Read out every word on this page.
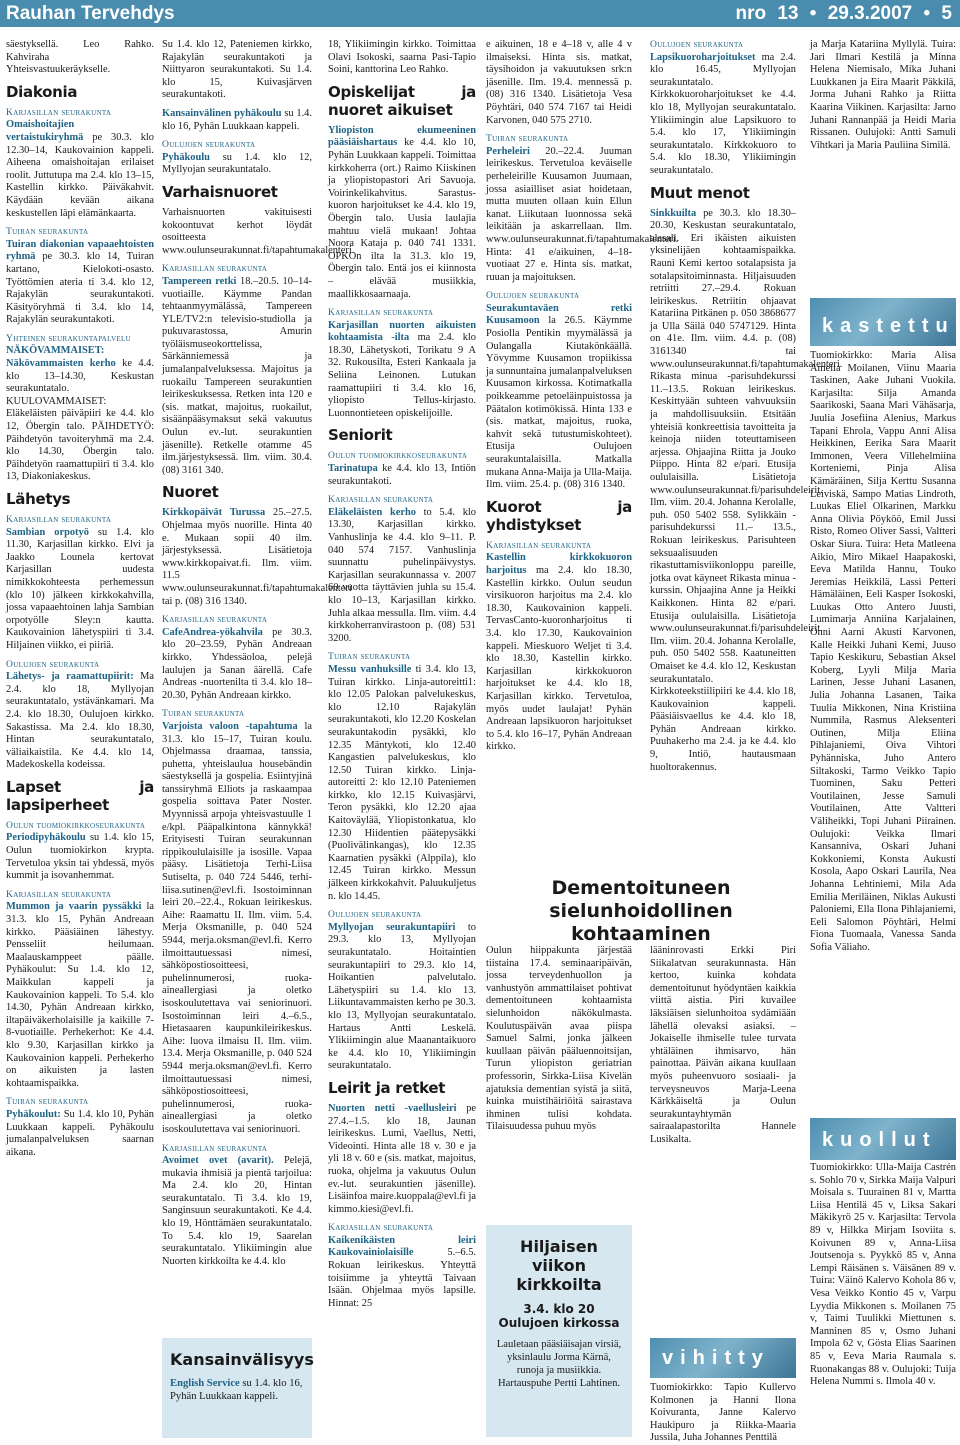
Rauhan Tervehdys	nro 13 • 29.3.2007 • 5
säestyksellä. Leo Rahko. Kahviraha Yhteisvastuukeräykselle.
Diakonia
Karjasillan seurakunta
Omaishoitajien vertaistukiryhmä pe 30.3. klo 12.30–14, Kaukovainion kappeli. Aiheena omaishoitajan erilaiset roolit. Juttutupa ma 2.4. klo 13–15, Kastellin kirkko. Päiväkahvit. Käydään kevään aikana keskustellen läpi elämänkaarta.
Tuiran seurakunta
Tuiran diakonian vapaaehtoisten ryhmä pe 30.3. klo 14, Tuiran kartano, Kielokoti-osasto. Työttömien ateria ti 3.4. klo 12, Rajakylän seurakuntakoti. Käsityöryhmä ti 3.4. klo 14, Rajakylän seurakuntakoti.
Yhteinen seurakuntapalvelu
NÄKÖVAMMAISET: Näkövammaisten kerho ke 4.4. klo 13–14.30, Keskustan seurakuntatalo. KUULOVAMMAISET: Eläkeläisten päiväpiiri ke 4.4. klo 12, Öbergin talo. PÄIHDETYÖ: Päihdetyön tavoiteryhmä ma 2.4. klo 14.30, Öbergin talo. Päihdetyön raamattupiiri ti 3.4. klo 13, Diakoniakeskus.
Lähetys
Karjasillan seurakunta
Sambian orpotyö su 1.4. klo 11.30, Karjasillan kirkko. Elvi ja Jaakko Lounela kertovat Karjasillan uudesta nimikkokohteesta perhemessun (klo 10) jälkeen kirkkokahvilla, jossa vapaaehtoinen lahja Sambian orpotyölle Sley:n kautta. Kaukovainion lähetyspiiri ti 3.4. Hiljainen viikko, ei piiriä.
Oulujoen seurakunta
Lähetys- ja raamattupiirit: Ma 2.4. klo 18, Myllyojan seurakuntatalo, ystävänkamari. Ma 2.4. klo 18.30, Oulujoen kirkko. Sakastissa. Ma 2.4. klo 18.30, Hintan seurakuntatalo, väliaikaistila. Ke 4.4. klo 14, Madekoskella kodeissa.
Lapset ja lapsiperheet
Oulun tuomiokirkkoseurakunta
Periodipyhäkoulu su 1.4. klo 15, Oulun tuomiokirkon krypta. Tervetuloa yksin tai yhdessä, myös kummit ja isovanhemmat.
Karjasillan seurakunta
Mummon ja vaarin pyssäkki la 31.3. klo 15, Pyhän Andreaan kirkko. Pääsiäinen lähestyy. Pensseliit heilumaan. Maalauskamppeet päälle. Pyhäkoulut: Su 1.4. klo 12, Maikkulan kappeli ja Kaukovainion kappeli. To 5.4. klo 14.30, Pyhän Andreaan kirkko, iltapäiväkerholaisille ja kaikille 7-8-vuotiaille. Perhekerhot: Ke 4.4. klo 9.30, Karjasillan kirkko ja Kaukovainion kappeli. Perhekerho on aikuisten ja lasten kohtaamispaikka.
Tuiran seurakunta
Pyhäkoulut: Su 1.4. klo 10, Pyhän Luukkaan kappeli. Pyhäkoulu jumalanpalveluksen saarnan aikana.
Su 1.4. klo 12, Pateniemen kirkko, Rajakylän seurakuntakoti ja Niittyaron seurakuntakoti. Su 1.4. klo 15, Kuivasjärven seurakuntakoti.
Kansainvälinen pyhäkoulu su 1.4. klo 16, Pyhän Luukkaan kappeli.
Oulujoen seurakunta
Pyhäkoulu su 1.4. klo 12, Myllyojan seurakuntatalo.
Varhaisnuoret
Varhaisnuorten vakituisesti kokoontuvat kerhot löydät osoitteesta www.oulunseurakunnat.fi/tapahtumakalenteri.
Karjasillan seurakunta
Tampereen retki 18.–20.5. 10–14-vuotiaille. Käymme Pandan tehtaanmyymälässä, Tampereen YLE/TV2:n televisio-studiolla ja pukuvarastossa, Amurin työläismuseokorttelissa, Särkänniemessä ja jumalanpalveluksessa. Majoitus ja ruokailu Tampereen seurakuntien leirikeskuksessa. Retken inta 120 e (sis. matkat, majoitus, ruokailut, sisäänpääsymaksut sekä vakuutus Oulun ev.-lut. seurakuntien jäsenille). Retkelle otamme 45 ilm.järjestyksessä. Ilm. viim. 30.4. (08) 3161 340.
Nuoret
Kirkkopäivät Turussa 25.–27.5. Ohjelmaa myös nuorille. Hinta 40 e. Mukaan sopii 40 ilm. järjestyksessä. Lisätietoja www.kirkkopaivat.fi. Ilm. viim. 11.5 www.oulunseurakunnat.fi/tapahtumakalenteri tai p. (08) 316 1340.
Karjasillan seurakunta
CafeAndrea-yökahvila pe 30.3. klo 20–23.59, Pyhän Andreaan kirkko. Yhdessäoloa, pelejä laulujen ja Sanan äärellä. Cafe Andreas -nuortenilta ti 3.4. klo 18–20.30, Pyhän Andreaan kirkko.
Tuiran seurakunta
Varjoista valoon -tapahtuma la 31.3. klo 15–17, Tuiran koulu. Ohjelmassa draamaa, tanssia, puhetta, yhteislaulua housebändin säestyksellä ja gospelia. Esiintyjinä tanssiryhmä Elliots ja raskaampaa gospelia soittava Pater Noster. Myynnissä arpoja yhteisvastuulle 1 e/kpl. Pääpalkintona kännykkä! Erityisesti Tuiran seurakunnan rippikoululaisille ja isosille. Vapaa pääsy. Lisätietoja Terhi-Liisa Sutiselta, p. 040 724 5446, terhi-liisa.sutinen@evl.fi. Isostoiminnan leiri 20.–22.4., Rokuan leirikeskus. Aihe: Raamattu II. Ilm. viim. 5.4. Merja Oksmanille, p. 040 524 5944, merja.oksman@evl.fi. Kerro ilmoittautuessasi nimesi, sähköpostiosoitteesi, puhelinnumerosi, ruoka-aineallergiasi ja oletko isoskoulutettava vai seniorinuori. Isostoiminnan leiri 4.–6.5., Hietasaaren kaupunkileirikeskus. Aihe: luova ilmaisu II. Ilm. viim. 13.4. Merja Oksmanille, p. 040 524 5944 merja.oksman@evl.fi. Kerro ilmoittautuessasi nimesi, sähköpostiosoitteesi, puhelinnumerosi, ruoka-aineallergiasi ja oletko isoskoulutettava vai seniorinuori.
Karjasillan seurakunta
Avoimet ovet (avarit). Pelejä, mukavia ihmisiä ja pientä tarjoilua: Ma 2.4. klo 20, Hintan seurakuntatalo. Ti 3.4. klo 19, Sanginsuun seurakuntakoti. Ke 4.4. klo 19, Hönttämäen seurakuntatalo. To 5.4. klo 19, Saarelan seurakuntatalo. Ylikiimingin alue Nuorten kirkkoilta ke 4.4. klo
18, Ylikiimingin kirkko. Toimittaa Olavi Isokoski, saarna Pasi-Tapio Soini, kanttorina Leo Rahko.
Opiskelijat ja nuoret aikuiset
Yliopiston ekumeeninen pääsiäishartaus ke 4.4. klo 10, Pyhän Luukkaan kappeli. Toimittaa kirkkoherra (ort.) Raimo Kiiskinen ja yliopistopastori Ari Savuoja. Voirinkelikahvitus. Sarastus-kuoron harjoitukset ke 4.4. klo 19, Öbergin talo. Uusia laulajia mahtuu vielä mukaan! Johtaa Noora Kataja p. 040 741 1331. OPKOn ilta la 31.3. klo 19, Öbergin talo. Entä jos ei kiinnosta – elävää musiikkia, maallikkosaarnaaja.
Karjasillan seurakunta
Karjasillan nuorten aikuisten kohtaamista -ilta ma 2.4. klo 18.30, Lähetyskoti, Torikatu 9 A 32. Rukousilta, Esteri Kankaala ja Seliina Leinonen. Lutukan raamattupiiri ti 3.4. klo 16, yliopisto Tellus-kirjasto. Luonnontieteen opiskelijoille.
Seniorit
Oulun tuomiokirkkoseurakunta
Tarinatupa ke 4.4. klo 13, Intiön seurakuntakoti.
Karjasillan seurakunta
Eläkeläisten kerho to 5.4. klo 13.30, Karjasillan kirkko. Vanhuslinja ke 4.4. klo 9–11. P. 040 574 7157. Vanhuslinja suunnattu puhelinpäivystys. Karjasillan seurakunnassa v. 2007 60 vuotta täyttävien juhla su 15.4. klo 10–13, Karjasillan kirkko. Juhla alkaa messulla. Ilm. viim. 4.4 kirkkoherranvirastoon p. (08) 531 3200.
Tuiran seurakunta
Messu vanhuksille ti 3.4. klo 13, Tuiran kirkko. Linja-autoreitti1: klo 12.05 Palokan palvelukeskus, klo 12.10 Rajakylän seurakuntakoti, klo 12.20 Koskelan seurakuntakodin pysäkki, klo 12.35 Mäntykoti, klo 12.40 Kangastien palvelukeskus, klo 12.50 Tuiran kirkko. Linja-autoreitti 2: klo 12.10 Pateniemen kirkko, klo 12.15 Kuivasjärvi, Teron pysäkki, klo 12.20 ajaa Kaitoväylää, Yliopistonkatua, klo 12.30 Hiidentien päätepysäkki (Puolivälinkangas), klo 12.35 Kaarnatien pysäkki (Alppila), klo 12.45 Tuiran kirkko. Messun jälkeen kirkkokahvit. Paluukuljetus n. klo 14.45.
Oulujoen seurakunta
Myllyojan seurakuntapiiri to 29.3. klo 13, Myllyojan seurakuntatalo. Hoitaintien seurakuntapiiri to 29.3. klo 14, Hoikantien palvelutalo. Lähetyspiiri su 1.4. klo 13. Liikuntavammaisten kerho pe 30.3. klo 13, Myllyojan seurakuntatalo. Hartaus Antti Leskelä. Ylikiimingin alue Maanantaikuoro ke 4.4. klo 10, Ylikiimingin seurakuntatalo.
Leirit ja retket
Nuorten netti -vaellusleiri pe 27.4.–1.5. klo 18, Jaunan leirikeskus. Lumi, Vaellus, Netti, Videointi. Hinta alle 18 v. 30 e ja yli 18 v. 60 e (sis. matkat, majoitus, ruoka, ohjelma ja vakuutus Oulun ev.-lut. seurakuntien jäsenille). Lisäinfoa maire.kuoppala@evl.fi ja kimmo.kiesi@evl.fi.
Karjasillan seurakunta
Kaikenikäisten leiri Kaukovainiolaisille	5.–6.5. Rokuan leirikeskus. Yhteyttä toisiimme ja yhteyttä Taivaan Isään. Ohjelmaa myös lapsille. Hinnat: 25
e aikuinen, 18 e 4–18 v, alle 4 v ilmaiseksi. Hinta sis. matkat, täysihoidon ja vakuutuksen srk:n jäsenille. Ilm. 19.4. mennessä p. (08) 316 1340. Lisätietoja Vesa Pöyhtäri, 040 574 7167 tai Heidi Karvonen, 040 575 2710.
Tuiran seurakunta
Perheleiri 20.–22.4. Juuman leirikeskus. Tervetuloa keväiselle perheleirille Kuusamon Juumaan, jossa asiailliset asiat hoidetaan, mutta muuten ollaan kuin Ellun kanat. Liikutaan luonnossa sekä leikitään ja askarrellaan. Ilm. www.oulunseurakunnat.fi/tapahtumakalenteri. Hinta: 41 e/aikuinen, 4–18-vuotiaat 27 e. Hinta sis. matkat, ruuan ja majoituksen.
Oulujoen seurakunta
Seurakuntaväen retki Kuusamoon la 26.5. Käymme Posiolla Pentikin myymälässä ja Oulangalla Kiutakönkäällä. Yövymme Kuusamon tropiikissa ja sunnuntaina jumalanpalveluksen Kuusamon kirkossa. Kotimatkalla poikkeamme petoeläinpuistossa ja Päätalon kotimökissä. Hinta 133 e (sis. matkat, majoitus, ruoka, kahvit sekä tutustumiskohteet). Etusija Oulujoen seurakuntalaisilla. Matkalla mukana Anna-Maija ja Ulla-Maija. Ilm. viim. 25.4. p. (08) 316 1340.
Kuorot ja yhdistykset
Karjasillan seurakunta
Kastellin kirkkokuoron harjoitus ma 2.4. klo 18.30, Kastellin kirkko. Oulun seudun virsikuoron harjoitus ma 2.4. klo 18.30, Kaukovainion kappeli. TervasCanto-kuoronharjoitus ti 3.4. klo 17.30, Kaukovainion kappeli. Mieskuoro Weljet ti 3.4. klo 18.30, Kastellin kirkko. Karjasillan kirkkokuoron harjoitukset ke 4.4. klo 18, Karjasillan kirkko. Tervetuloa, myös uudet laulajat! Pyhän Andreaan lapsikuoron harjoitukset to 5.4. klo 16–17, Pyhän Andreaan kirkko.
Oulujoen seurakunta
Lapsikuoroharjoitukset ma 2.4. klo 16.45, Myllyojan seurakuntatalo. Kirkkokuoroharjoitukset ke 4.4. klo 18, Myllyojan seurakuntatalo. Ylikiimingin alue Lapsikuoro to 5.4. klo 17, Ylikiimingin seurakuntatalo. Kirkkokuoro to 5.4. klo 18.30, Ylikiimingin seurakuntatalo.
Muut menot
Sinkkuilta pe 30.3. klo 18.30–20.30, Keskustan seurakuntatalo, alasali. Eri ikäisten aikuisten yksinelijäen kohtaamispaikka. Rauni Kemi kertoo sotalapsista ja sotalapsitoiminnasta. Hiljaisuuden retriitti 27.–29.4. Rokuan leirikeskus. Retriitin ohjaavat Katariina Pitkänen p. 050 3868677 ja Ulla Säilä 040 5747129. Hinta on 41e. Ilm. viim. 4.4. p. (08) 3161340 tai www.oulunseurakunnat.fi/tapahtumakalenteri. Rikasta minua -parisuhdekurssi 11.–13.5. Rokuan leirikeskus. Keskittyään suhteen vahvuuksiin ja mahdollisuuksiin. Etsitään yhteisiä konkreettisia tavoitteita ja keinoja niiden toteuttamiseen arjessa. Ohjaajina Riitta ja Jouko Piippo. Hinta 82 e/pari. Etusija oululaisilla. Lisätietoja www.oulunseurakunnat.fi/parisuhdeleirit. Ilm. viim. 20.4. Johanna Kerolalle, puh. 050 5402 558. Sylikkäin -parisuhdekurssi 11.– 13.5., Rokuan leirikeskus. Parisuhteen seksuaalisuuden rikastuttamisviikonloppu pareille, jotka ovat käyneet Rikasta minua -kurssin. Ohjaajina Anne ja Heikki Kaikkonen. Hinta 82 e/pari. Etusija oululaisilla. Lisätietoja www.oulunseurakunnat.fi/parisuhdeleirit. Ilm. viim. 20.4. Johanna Kerolalle, puh. 050 5402 558. Kaatuneitten Omaiset ke 4.4. klo 12, Keskustan seurakuntatalo. Kirkkoteekstiilipiiri ke 4.4. klo 18, Kaukovainion kappeli. Pääsiäisvaellus ke 4.4. klo 18, Pyhän Andreaan kirkko. Puuhakerho ma 2.4. ja ke 4.4. klo 9, Intiö, hautausmaan huoltorakennus.
ja Marja Katariina Myllylä. Tuira: Jari Ilmari Kestilä ja Minna Helena Niemisalo, Mika Juhani Luukkanen ja Eira Maarit Päkkilä, Jorma Juhani Rahko ja Riitta Kaarina Viikinen. Karjasilta: Jarno Juhani Rannanpää ja Heidi Maria Rissanen. Oulujoki: Antti Samuli Vihtkari ja Maria Pauliina Similä.
kastettu
Tuomiokirkko: Maria Alisa Amelia Moilanen, Viinu Maaria Taskinen, Aake Juhani Vuokila. Karjasilta: Silja Amanda Saarikoski, Saana Mari Vähäsarja, Juulia Josefiina Alenius, Markus Tapani Ehrola, Vappu Anni Alisa Heikkinen, Eerika Sara Maarit Immonen, Veera Villehelmiina Korteniemi, Pinja Alisa Kämäräinen, Silja Kerttu Susanna Leiviskä, Sampo Matias Lindroth, Luukas Eliel Olkarinen, Markku Anna Olivia Pöyköö, Emil Jussi Risto, Romeo Oliver Sassi, Valtteri Oskar Siura. Tuira: Heta Matleena Aikio, Miro Mikael Haapakoski, Eeva Matilda Hannu, Touko Jeremias Heikkilä, Lassi Petteri Hämäläinen, Eeli Kasper Isokoski, Luukas Otto Antero Juusti, Lumimarja Anniina Karjalainen, Onni Aarni Akusti Karvonen, Kalle Heikki Juhani Kemi, Juuso Tapio Keskikuru, Sebastian Aksel Koberg, Lyyli Milja Maria Larinen, Jesse Juhani Lasanen, Julia Johanna Lasanen, Taika Tuulia Mikkonen, Nina Kristiina Nummila, Rasmus Aleksenteri Outinen, Milja Eliina Pihlajaniemi, Oiva Vihtori Pyhänniska, Juho Antero Siltakoski, Tarmo Veikko Tapio Tuominen, Saku Petteri Voutilainen, Jesse Samuli Voutilainen, Atte Valtteri Väliheikki, Topi Juhani Piirainen. Oulujoki: Veikka Ilmari Kansanniva, Oskari Juhani Kokkoniemi, Konsta Aukusti Kosola, Aapo Oskari Laurila, Nea Johanna Lehtiniemi, Mila Ada Emilia Meriläinen, Niklas Aukusti Paloniemi, Ella Ilona Pihlajaniemi, Eeli Salomon Pöyhtäri, Helmi Fiona Tuomaala, Vanessa Sanda Sofia Väliaho.
kuollut
Tuomiokirkko: Ulla-Maija Castrén s. Sohlo 70 v, Sirkka Maija Valpuri Moisala s. Tuurainen 81 v, Martta Liisa Hentilä 45 v, Liksa Sakari Mäkikyrö 25 v. Karjasilta: Tervola 89 v, Hilkka Mirjam Isoviita s. Koivunen 89 v, Anna-Liisa Joutsenoja s. Pyykkö 85 v, Anna Lempi Räisänen s. Väisänen 89 v. Tuira: Väinö Kalervo Kohola 86 v, Vesa Veikko Kontio 45 v, Varpu Lyydia Mikkonen s. Moilanen 75 v, Taimi Tuulikki Miettunen s. Manninen 85 v, Osmo Juhani Impola 62 v, Gösta Elias Saarinen 85 v, Eeva Maria Raumala s. Ruonakangas 88 v. Oulujoki: Tuija Helena Nummi s. Ilmola 40 v.
vihitty
Tuomiokirkko: Tapio Kullervo Kolmonen ja Hanni Ilona Koivuranta, Janne Kalervo Haukipuro ja Riikka-Maaria Jussila, Juha Johannes Penttilä
Kansainvälisyys
English Service su 1.4. klo 16, Pyhän Luukkaan kappeli.
Hiljaisen viikon kirkkoilta
3.4. klo 20 Oulujoen kirkossa
Lauletaan pääsiäisajan virsiä, yksinlaulu Jorma Kärnä, runoja ja musiikkia. Hartauspuhe Pertti Lahtinen.
Dementoituneen sielunhoidollinen kohtaaminen
Oulun hiippakunta järjestää tiistaina 17.4. seminaaripäivän, jossa terveydenhuollon ja vanhustyön ammattilaiset pohtivat dementoituneen kohtaamista sielunhoidon näkökulmasta. Koulutuspäivän avaa piispa Samuel Salmi, jonka jälkeen kuullaan päivän pääluennoitsijan, Turun yliopiston geriatrian professorin, Sirkka-Liisa Kivelän ajatuksia dementian syistä ja siitä, kuinka muistihäiriöitä sairastava ihminen tulisi kohdata. Tilaisuudessa puhuu myös
lääninrovasti Erkki Piri Siikalatvan seurakunnasta. Hän kertoo, kuinka kohdata dementoitunut hyödyntäen kaikkia viittä aistia. Piri kuvailee läksiäisen sielunhoitoa sydämiään lähellä olevaksi asiaksi. – Jokaiselle ihmiselle tulee turvata yhtäläinen ihmisarvo, hän painottaa. Päivän aikana kuullaan myös puheenvuoro sosiaali- ja terveysneuvos Marja-Leena Kärkkäiseltä ja Oulun seurakuntayhtymän sairaalapastorilta Hannele Lusikalta.
